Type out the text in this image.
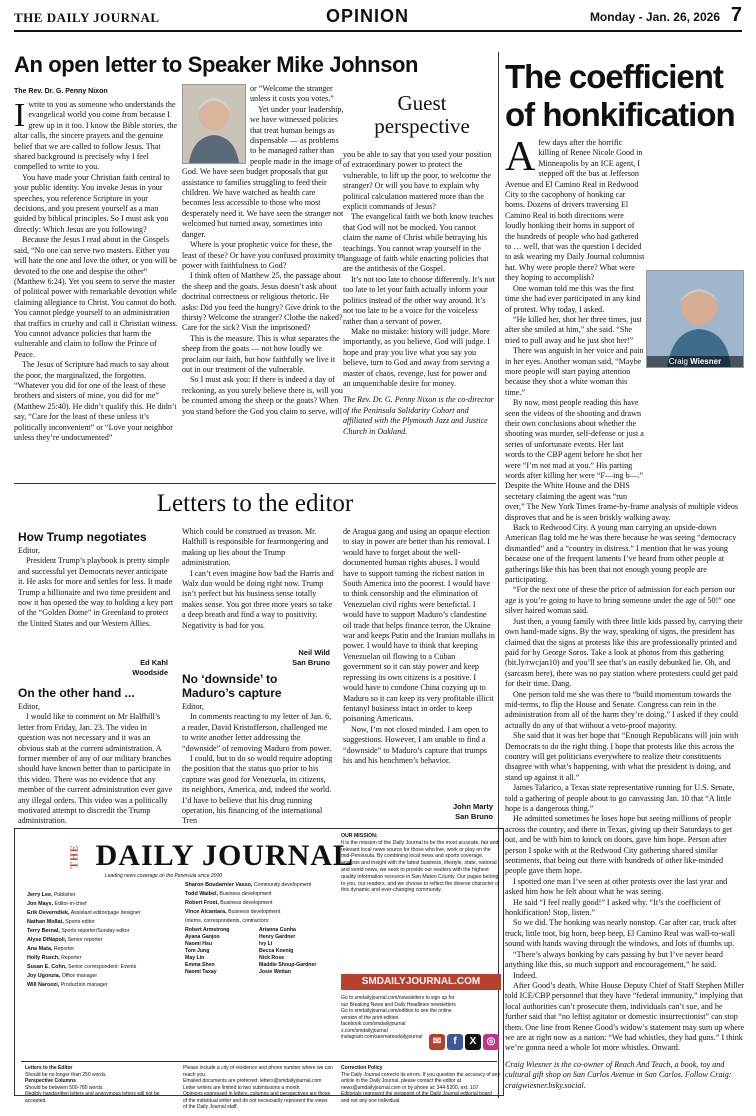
THE DAILY JOURNAL	OPINION	Monday - Jan. 26, 2026 7
An open letter to Speaker Mike Johnson
The Rev. Dr. G. Penny Nixon
I write to you as someone who understands the evangelical world you come from because I grew up in it too. I know the Bible stories, the altar calls, the sincere prayers and the genuine belief that we are called to follow Jesus. That shared background is precisely why I feel compelled to write to you.

You have made your Christian faith central to your public identity. You invoke Jesus in your speeches, you reference Scripture in your decisions, and you present yourself as a man guided by biblical principles. So I must ask you directly: Which Jesus are you following?

Because the Jesus I read about in the Gospels said, “No one can serve two masters. Either you will hate the one and love the other, or you will be devoted to the one and despise the other” (Matthew 6:24). Yet you seem to serve the master of political power with remarkable devotion while claiming allegiance to Christ. You cannot do both. You cannot pledge yourself to an administration that traffics in cruelty and call it Christian witness. You cannot advance policies that harm the vulnerable and claim to follow the Prince of Peace.

The Jesus of Scripture had much to say about the poor, the marginalized, the forgotten. “Whatever you did for one of the least of these brothers and sisters of mine, you did for me” (Matthew 25:40). He didn’t qualify this. He didn’t say, “Care for the least of these unless it’s politically inconvenient” or “Love your neighbor unless they’re undocumented”

or “Welcome the stranger unless it costs you votes.”

Yet under your leadership, we have witnessed policies that treat human beings as dispensable — as problems to be managed rather than people made in the image of God. We have seen budget proposals that gut assistance to families struggling to feed their children. We have watched as health care becomes less accessible to those who most desperately need it. We have seen the stranger not welcomed but turned away, sometimes into danger.

Where is your prophetic voice for these, the least of these? Or have you confused proximity to power with faithfulness to God?

I think often of Matthew 25, the passage about the sheep and the goats. Jesus doesn’t ask about doctrinal correctness or religious rhetoric. He asks: Did you feed the hungry? Give drink to the thirsty? Welcome the stranger? Clothe the naked? Care for the sick? Visit the imprisoned?

This is the measure. This is what separates the sheep from the goats — not how loudly we proclaim our faith, but how faithfully we live it out in our treatment of the vulnerable.

So I must ask you: If there is indeed a day of reckoning, as you surely believe there is, will you be counted among the sheep or the goats? When you stand before the God you claim to serve, will

Guest perspective

you be able to say that you used your position of extraordinary power to protect the vulnerable, to lift up the poor, to welcome the stranger? Or will you have to explain why political calculation mattered more than the explicit commands of Jesus?

The evangelical faith we both know teaches that God will not be mocked. You cannot claim the name of Christ while betraying his teachings. You cannot wrap yourself in the language of faith while enacting policies that are the antithesis of the Gospel.

It’s not too late to choose differently. It’s not too late to let your faith actually inform your politics instead of the other way around. It’s not too late to be a voice for the voiceless rather than a servant of power.

Make no mistake: history will judge. More importantly, as you believe, God will judge. I hope and pray you live what you say you believe, turn to God and away from serving a master of chaos, revenge, lust for power and an unquenchable desire for money.

The Rev. Dr. G. Penny Nixon is the co-director of the Peninsula Solidarity Cohort and affiliated with the Plymouth Jazz and Justice Church in Oakland.

Letters to the editor
How Trump negotiates

Editor,

President Trump’s playbook is pretty simple and successful yet Democrats never anticipate it. He asks for more and settles for less. It made Trump a billionaire and two time president and now it has opened the way to holding a key part of the “Golden Dome” in Greenland to protect the United States and our Western Allies.

Ed Kahl
Woodside
On the other hand ...

Editor,

I would like to comment on Mr Halfhill’s letter from Friday, Jan. 23. The video in question was not necessary and it was an obvious stab at the current administration. A former member of any of our military branches should have known better than to participate in this video. There was no evidence that any member of the current administration ever gave any illegal orders. This video was a politically motivated attempt to discredit the Trump administration.

Which could be construed as treason. Mr. Halfhill is responsible for fearmongering and making up lies about the Trump administration.

I can’t even imagine how bad the Harris and Walz duo would be doing right now. Trump isn’t perfect but his business sense totally makes sense. You got three more years so take a deep breath and find a way to positivity. Negativity is bad for you.

Neil Wild
San Bruno
No ‘downside’ to Maduro’s capture

Editor,

In comments reacting to my letter of Jan. 6, a reader, David Kristofferson, challenged me to write another letter addressing the “downside” of removing Maduro from power.

I could, but to do so would require adopting the position that the status quo prior to his capture was good for Venezuela, its citizens, its neighbors, America, and, indeed the world. I’d have to believe that his drug running operation, his financing of the international Tren

de Aragua gang and using an opaque election to stay in power are better than his removal. I would have to forget about the well-documented human rights abuses. I would have to support turning the richest nation in South America into the poorest. I would have to think censorship and the elimination of Venezuelan civil rights were beneficial. I would have to support Maduro’s clandestine oil trade that helps finance terror, the Ukraine war and keeps Putin and the Iranian mullahs in power. I would have to think that keeping Venezuelan oil flowing to a Cuban government so it can stay power and keep repressing its own citizens is a positive. I would have to condone China cozying up to Maduro so it can keep its very profitable illicit fentanyl business intact in order to keep poisoning Americans.

Now, I’m not closed minded. I am open to suggestions. However, I am unable to find a “downside” to Maduro’s capture that trumps his and his henchmen’s behavior.

John Marty
San Bruno
THE DAILY JOURNAL
Leading news coverage on the Peninsula since 2000
Jerry Lee, Publisher
Jon Mays, Editor-in-chief
Erik Oeverndiek, Assistant editor/page designer
Nathan Mollat, Sports editor
Terry Bernal, Sports reporter/Sunday editor
Alyse DiNapoli, Senior reporter
Ana Mata, Reporter
Holly Rusch, Reporter
Susan E. Cohn, Senior correspondent: Events
Joy Ugonzia, Office manager
Will Naroozi, Production manager
Sharon Boudarnier Vasso, Community development
Todd Waibel, Business development
Robert Frost, Business development
Vince Alcantara, Business development
Interns, correspondents, contractors:
Robert Armstrong
Ayana Ganjoo
Naomi Hsu
Tom Jung
May Lin
Emma Shen
Naomi Taxay
Arianna Cunha
Henry Gardner
Ivy Li
Becca Koenig
Nick Rose
Maddie Shoup-Gardner
Josie Wettan
OUR MISSION:
It is the mission of the Daily Journal to be the most accurate, fair and relevant local news source for those who live, work or play on the mid-Peninsula. By combining local news and sports coverage, analysis and insight with the latest business, lifestyle, state, national and world news, we seek to provide our readers with the highest quality information resource in San Mateo County. Our pages belong to you, our readers, and we choose to reflect the diverse character of this dynamic and ever-changing community.
SMDAILYJOURNAL.COM
Go to smdailyjournal.com/newsletters to sign up for our Breaking News and Daily Headlines newsletters
Go to smdailyjournal.com/edition to see the online version of the print edition.
facebook.com/smdailyjournal
x.com/smdailyjournal
instagram.com/sanmateodailyjournal	✉	f	X	◎
Letters to the Editor
Should be no longer than 250 words.
Perspective Columns
Should be between 500-780 words.
Illegibly handwritten letters and anonymous letters will not be accepted.
Please include a city of residence and phone number where we can reach you.
Emailed documents are preferred: letters@smdailyjournal.com
Letter writers are limited to two submissions a month.
Opinions expressed in letters, columns and perspectives are those of the individual writer and do not necessarily represent the views of the Daily Journal staff.
Correction Policy
The Daily Journal corrects its errors. If you question the accuracy of any article in the Daily Journal, please contact the editor at news@smdailyjournal.com or by phone at: 344-5200, ext. 107
Editorials represent the viewpoint of the Daily Journal editorial board and not any one individual.
The coefficient of honkification
Craig Wiesner
A few days after the horrific killing of Renee Nicole Good in Minneapolis by an ICE agent, I stepped off the bus at Jefferson Avenue and El Camino Real in Redwood City to the cacophony of honking car horns. Dozens of drivers traversing El Camino Real in both directions were loudly honking their horns in support of the hundreds of people who had gathered to … well, that was the question I decided to ask wearing my Daily Journal columnist hat. Why were people there? What were they hoping to accomplish?

One woman told me this was the first time she had ever participated in any kind of protest. Why today, I asked.

“He killed her, shot her three times, just after she smiled at him,” she said. “She tried to pull away and he just shot her!”

There was anguish in her voice and pain in her eyes. Another woman said, “Maybe more people will start paying attention because they shot a white woman this time.”

By now, most people reading this have seen the videos of the shooting and drawn their own conclusions about whether the shooting was murder, self-defense or just a series of unfortunate events. Her last words to the CBP agent before he shot her were “I’m not mad at you.” His parting words after killing her were “F—ing b—.” Despite the White House and the DHS secretary claiming the agent was “run over,” The New York Times frame-by-frame analysis of multiple videos disproves that and he is seen briskly walking away.

Back to Redwood City. A young man carrying an upside-down American flag told me he was there because he was seeing “democracy dismantled” and a “country in distress.” I mention that he was young because one of the frequent laments I’ve heard from other people at gatherings like this has been that not enough young people are participating.

“For the next one of these the price of admission for each person our age is you’re going to have to bring someone under the age of 50!” one silver haired woman said.

Just then, a young family with three little kids passed by, carrying their own hand-made signs. By the way, speaking of signs, the president has claimed that the signs at protests like this are professionally printed and paid for by George Soros. Take a look at photos from this gathering (bit.ly/rwcjan10) and you’ll see that’s an easily debunked lie. Oh, and (sarcasm here), there was no pay station where protesters could get paid for their time. Dang.

One person told me she was there to “build momentum towards the mid-terms, to flip the House and Senate. Congress can rein in the administration from all of the harm they’re doing.” I asked if they could actually do any of that without a veto-proof majority.

She said that it was her hope that “Enough Republicans will join with Democrats to do the right thing. I hope that protests like this across the country will get politicians everywhere to realize their constituents disagree with what’s happening, with what the president is doing, and stand up against it all.”

James Talarico, a Texas state representative running for U.S. Senate, told a gathering of people about to go canvassing Jan. 10 that “A little hope is a dangerous thing.”

He admitted sometimes he loses hope but seeing millions of people across the country, and there in Texas, giving up their Saturdays to get out, and be with him to knock on doors, gave him hope. Person after person I spoke with at the Redwood City gathering shared similar sentiments, that being out there with hundreds of other like-minded people gave them hope.

I spotted one man I’ve seen at other protests over the last year and asked him how he felt about what he was seeing.

He said “I feel really good!” I asked why. “It’s the coefficient of honkification! Stop, listen.”

So we did. The honking was nearly nonstop. Car after car, truck after truck, little toot, big horn, beep beep, El Camino Real was wall-to-wall sound with hands waving through the windows, and lots of thumbs up.

“There’s always honking by cars passing by but I’ve never heard anything like this, so much support and encouragement,” he said.

Indeed.

After Good’s death, White House Deputy Chief of Staff Stephen Miller told ICE/CBP personnel that they have “federal immunity,” implying that local authorities can’t prosecute them, individuals can’t sue, and he further said that “no leftist agitator or domestic insurrectionist” can stop them. One line from Renee Good’s widow’s statement may sum up where we are at right now as a nation: “We had whistles, they had guns.” I think we’re gonna need a whole lot more whistles. Onward.

Craig Wiesner is the co-owner of Reach And Teach, a book, toy and cultural gift shop on San Carlos Avenue in San Carlos. Follow Craig: craigwiesner.bsky.social.
